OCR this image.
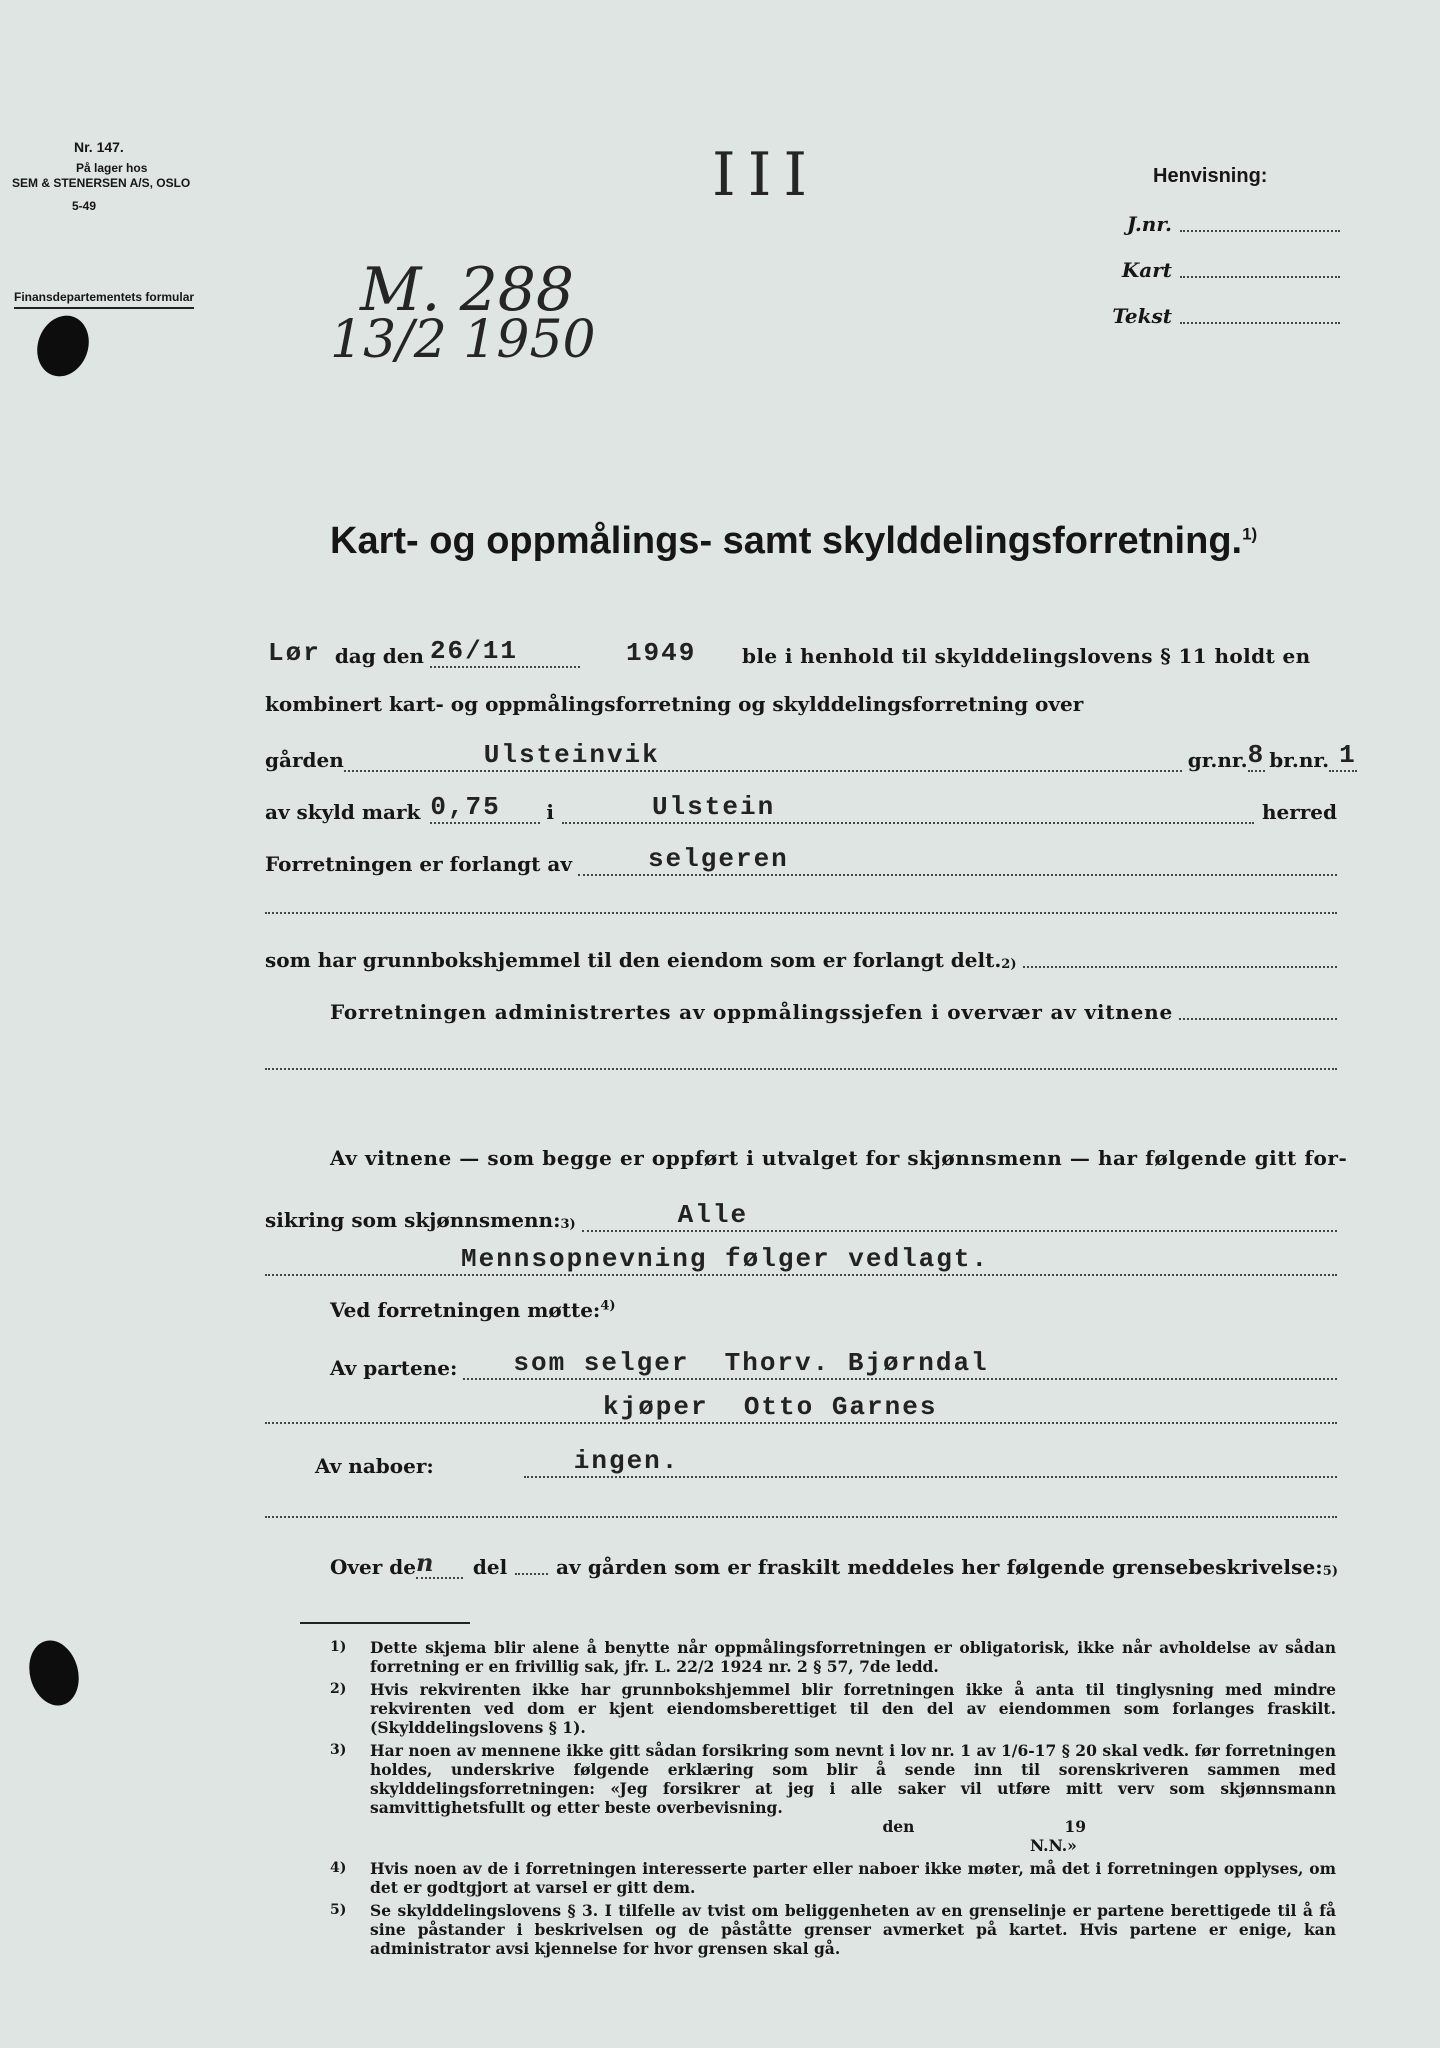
Nr. 147.
På lager hos
SEM & STENERSEN A/S, OSLO
5-49
Finansdepartementets formular
III
M. 288
13/2 1950
Henvisning:
J.nr.
Kart
Tekst
Kart- og oppmålings- samt skylddelingsforretning.$^{1)}$
Lør dag den 26/11	1949	ble i henhold til skylddelingslovens § 11 holdt en
kombinert kart- og oppmålingsforretning og skylddelingsforretning over
gården	Ulsteinvik	gr.nr. 8 br.nr. 1
av skyld mark 0,75	i	Ulstein	herred
Forretningen er forlangt av	selgeren
som har grunnbokshjemmel til den eiendom som er forlangt $delt._{2)}$
Forretningen administrertes av oppmålingssjefen i overvær av vitnene
Av vitnene — som begge er oppført i utvalget for skjønnsmenn — har følgende gitt for-
sikring som $skjønnsmenn:_{3)}$	Alle
Mennsopnevning følger vedlagt.
Ved forretningen møtte:$^{4)}$
Av partene:	som selger  Thorv. Bjørndal
kjøper  Otto Garnes
Av naboer:	ingen.
Over de n	del av gården som er fraskilt meddeles her følgende $grensebeskrivelse:_{5)}$
1) Dette skjema blir alene å benytte når oppmålingsforretningen er obligatorisk, ikke når avholdelse av sådan forretning er en frivillig sak, jfr. L. 22/2 1924 nr. 2 § 57, 7de ledd.
2) Hvis rekvirenten ikke har grunnbokshjemmel blir forretningen ikke å anta til tinglysning med mindre rekvirenten ved dom er kjent eiendomsberettiget til den del av eiendommen som forlanges fraskilt. (Skylddelingslovens § 1).
3) Har noen av mennene ikke gitt sådan forsikring som nevnt i lov nr. 1 av 1/6-17 § 20 skal vedk. før forretningen holdes, underskrive følgende erklæring som blir å sende inn til sorenskriveren sammen med skylddelingsforretningen: «Jeg forsikrer at jeg i alle saker vil utføre mitt verv som skjønnsmann samvittighetsfullt og etter beste overbevisning.
den	19
N.N.»
4) Hvis noen av de i forretningen interesserte parter eller naboer ikke møter, må det i forretningen opplyses, om det er godtgjort at varsel er gitt dem.
5) Se skylddelingslovens § 3. I tilfelle av tvist om beliggenheten av en grenselinje er partene berettigede til å få sine påstander i beskrivelsen og de påståtte grenser avmerket på kartet. Hvis partene er enige, kan administrator avsi kjennelse for hvor grensen skal gå.
